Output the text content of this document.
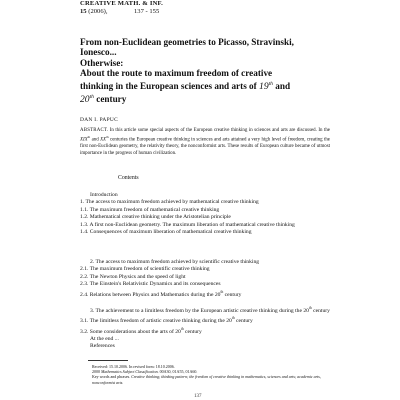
CREATIVE MATH. & INF.
15 (2006),	137 - 155
From non-Euclidean geometries to Picasso, Stravinski,
Ionesco...
Otherwise:
About the route to maximum freedom of creative
thinking in the European sciences and arts of 19th and
20th century
DAN I. PAPUC
ABSTRACT. In this article some special aspects of the European creative thinking in sciences and arts are discussed. In the XIXth and XXth centuries the European creative thinking in sciences and arts attained a very high level of freedom, creating the first non-Euclidean geometry, the relativity theory, the nonconformist arts. These results of European culture became of utmost importance in the progress of human civilization.
Contents
Introduction
1. The access to maximum freedom achieved by mathematical creative thinking
1.1. The maximum freedom of mathematical creative thinking
1.2. Mathematical creative thinking under the Aristotelian principle
1.3. A first non-Euclidean geometry. The maximum liberation of mathematical creative thinking
1.4. Consequences of maximum liberation of mathematical creative thinking
2. The access to maximum freedom achieved by scientific creative thinking
2.1. The maximum freedom of scientific creative thinking
2.2. The Newton Physics and the speed of light
2.3. The Einstein's Relativistic Dynamics and its consequences
2.4. Relations between Physics and Mathematics during the 20th century
3. The achievement to a limitless freedom by the European artistic creative thinking during the 20th century
3.1. The limitless freedom of artistic creative thinking during the 20th century
3.2. Some considerations about the arts of 20th century
At the end ...
References
Received: 15.10.2006. In revised form: 18.10.2006.
2000 Mathematics Subject Classification. 00A30, 01A55, 01A60.
Key words and phrases. Creative thinking; thinking pattern; the freedom of creative thinking in mathematics, sciences and arts; academic arts, nonconformist arts.
137
